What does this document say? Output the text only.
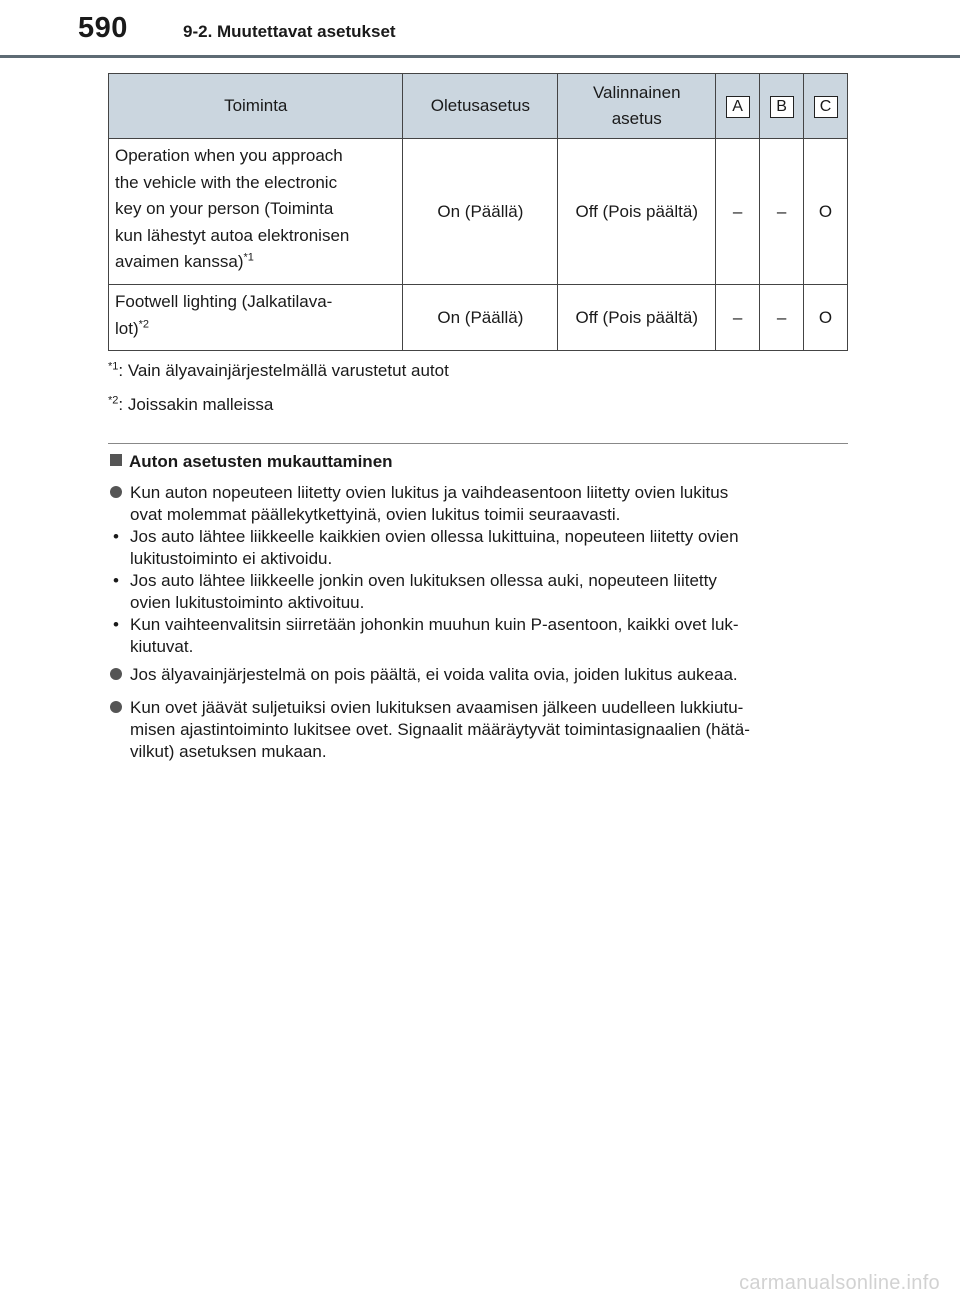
590	9-2. Muutettavat asetukset
Toiminta	Oletusasetus	Valinnainen
asetus	A	B	C
Operation when you approach
the vehicle with the electronic
key on your person (Toiminta
kun lähestyt autoa elektronisen
avaimen kanssa)$^{*1}$	On (Päällä)	Off (Pois päältä)	–	–	O
Footwell lighting (Jalkatilava-
lot)$^{*2}$	On (Päällä)	Off (Pois päältä)	–	–	O
$^{*1}$: Vain älyavainjärjestelmällä varustetut autot
$^{*2}$: Joissakin malleissa
Auton asetusten mukauttaminen
Kun auton nopeuteen liitetty ovien lukitus ja vaihdeasentoon liitetty ovien lukitus
ovat molemmat päällekytkettyinä, ovien lukitus toimii seuraavasti.
• Jos auto lähtee liikkeelle kaikkien ovien ollessa lukittuina, nopeuteen liitetty ovien
lukitustoiminto ei aktivoidu.
• Jos auto lähtee liikkeelle jonkin oven lukituksen ollessa auki, nopeuteen liitetty
ovien lukitustoiminto aktivoituu.
• Kun vaihteenvalitsin siirretään johonkin muuhun kuin P-asentoon, kaikki ovet luk-
kiutuvat.
Jos älyavainjärjestelmä on pois päältä, ei voida valita ovia, joiden lukitus aukeaa.
Kun ovet jäävät suljetuiksi ovien lukituksen avaamisen jälkeen uudelleen lukkiutu-
misen ajastintoiminto lukitsee ovet. Signaalit määräytyvät toimintasignaalien (hätä-
vilkut) asetuksen mukaan.
carmanualsonline.info
